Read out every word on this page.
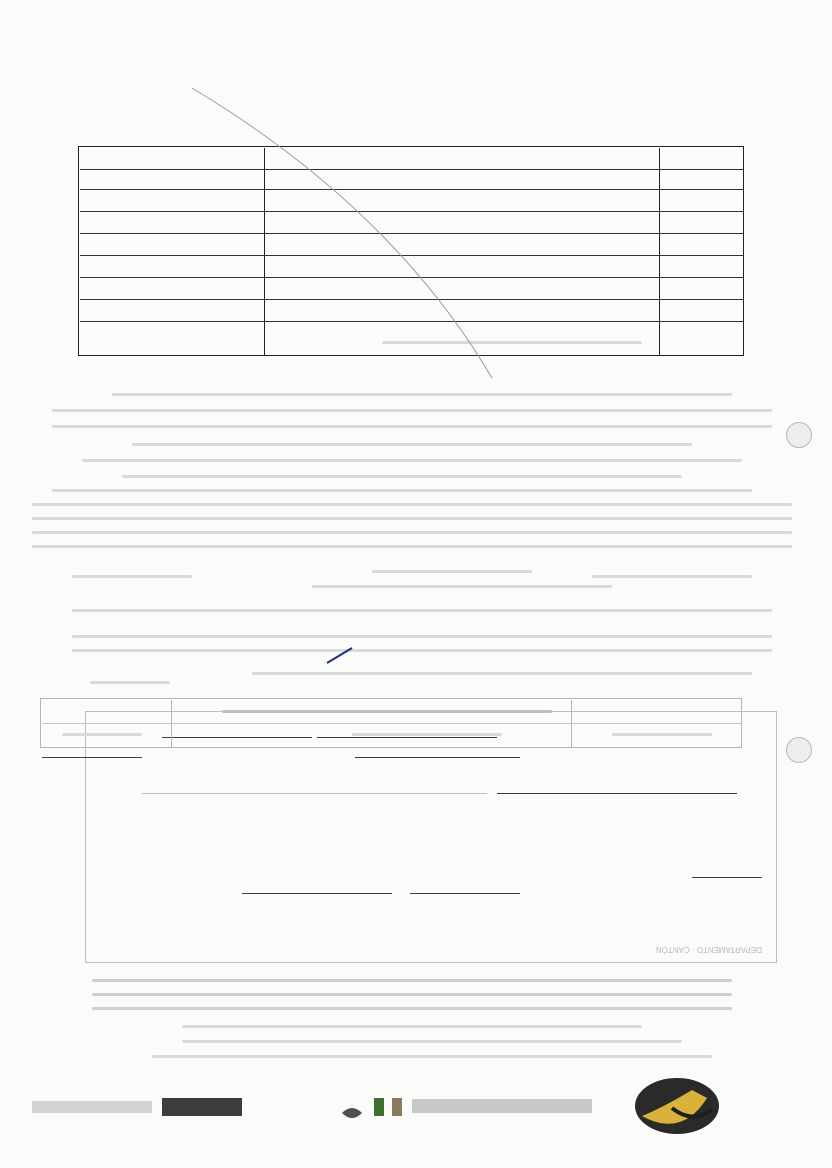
DEPARTAMENTO · CANTÓN
